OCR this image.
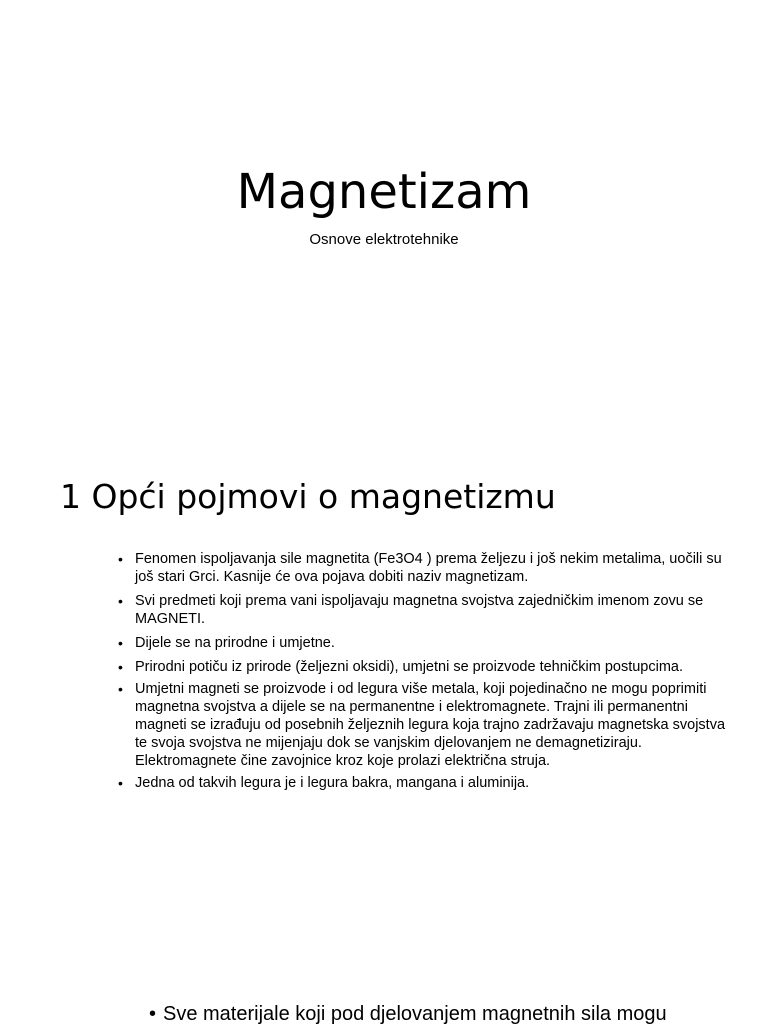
Magnetizam
Osnove elektrotehnike
1 Opći pojmovi o magnetizmu
• Fenomen ispoljavanja sile magnetita (Fe3O4 ) prema željezu i još nekim metalima, uočili su još stari Grci. Kasnije će ova pojava dobiti naziv magnetizam.
• Svi predmeti koji prema vani ispoljavaju magnetna svojstva zajedničkim imenom zovu se MAGNETI.
• Dijele se na prirodne i umjetne.
• Prirodni potiču iz prirode (željezni oksidi), umjetni se proizvode tehničkim postupcima.
• Umjetni magneti se proizvode i od legura više metala, koji pojedinačno ne mogu poprimiti magnetna svojstva a dijele se na permanentne i elektromagnete. Trajni ili permanentni magneti se izrađuju od posebnih željeznih legura koja trajno zadržavaju magnetska svojstva te svoja svojstva ne mijenjaju dok se vanjskim djelovanjem ne demagnetiziraju. Elektromagnete čine zavojnice kroz koje prolazi električna struja.
• Jedna od takvih legura je i legura bakra, mangana i aluminija.
• Sve materijale koji pod djelovanjem magnetnih sila mogu
